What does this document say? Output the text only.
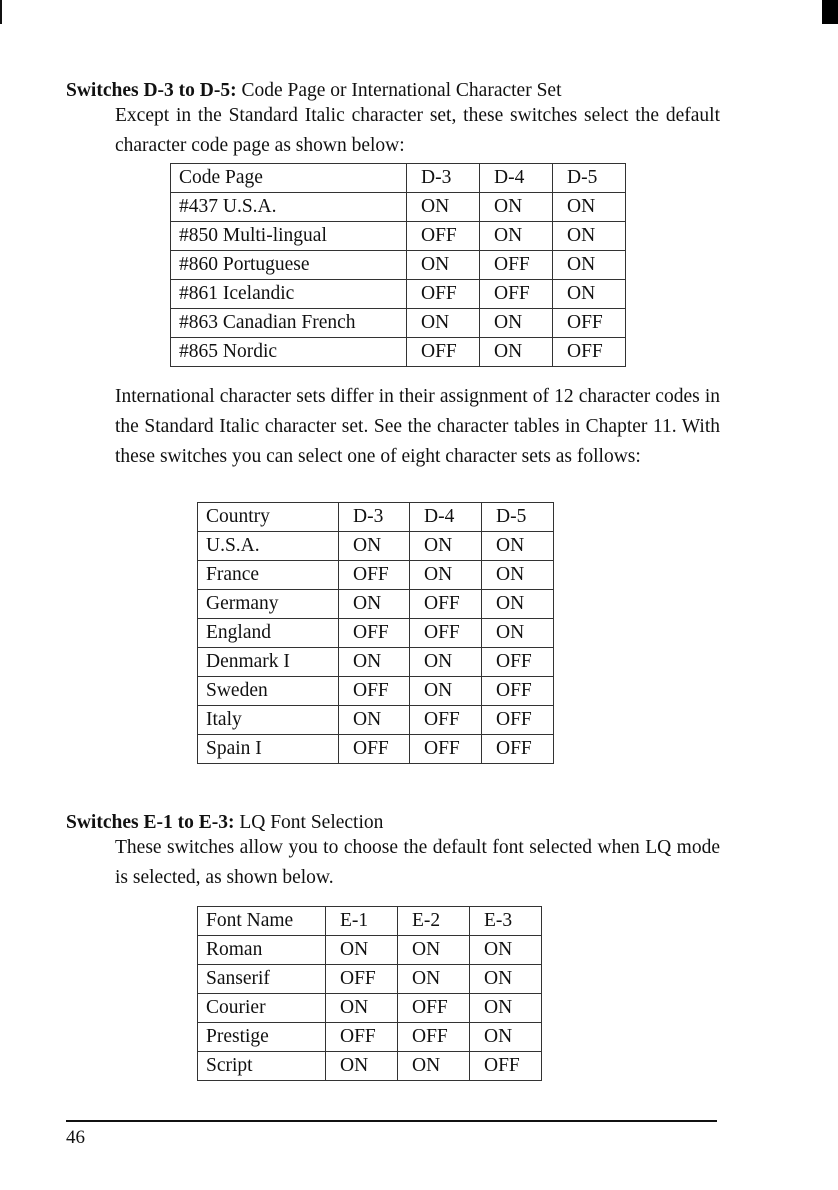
Switches D-3 to D-5: Code Page or International Character Set
Except in the Standard Italic character set, these switches select the default character code page as shown below:
Code Page	D-3	D-4	D-5
#437 U.S.A.	ON	ON	ON
#850 Multi-lingual	OFF	ON	ON
#860 Portuguese	ON	OFF	ON
#861 Icelandic	OFF	OFF	ON
#863 Canadian French	ON	ON	OFF
#865 Nordic	OFF	ON	OFF
International character sets differ in their assignment of 12 character codes in the Standard Italic character set. See the character tables in Chapter 11. With these switches you can select one of eight character sets as follows:
Country	D-3	D-4	D-5
U.S.A.	ON	ON	ON
France	OFF	ON	ON
Germany	ON	OFF	ON
England	OFF	OFF	ON
Denmark I	ON	ON	OFF
Sweden	OFF	ON	OFF
Italy	ON	OFF	OFF
Spain I	OFF	OFF	OFF
Switches E-1 to E-3: LQ Font Selection
These switches allow you to choose the default font selected when LQ mode is selected, as shown below.
Font Name	E-1	E-2	E-3
Roman	ON	ON	ON
Sanserif	OFF	ON	ON
Courier	ON	OFF	ON
Prestige	OFF	OFF	ON
Script	ON	ON	OFF
46
